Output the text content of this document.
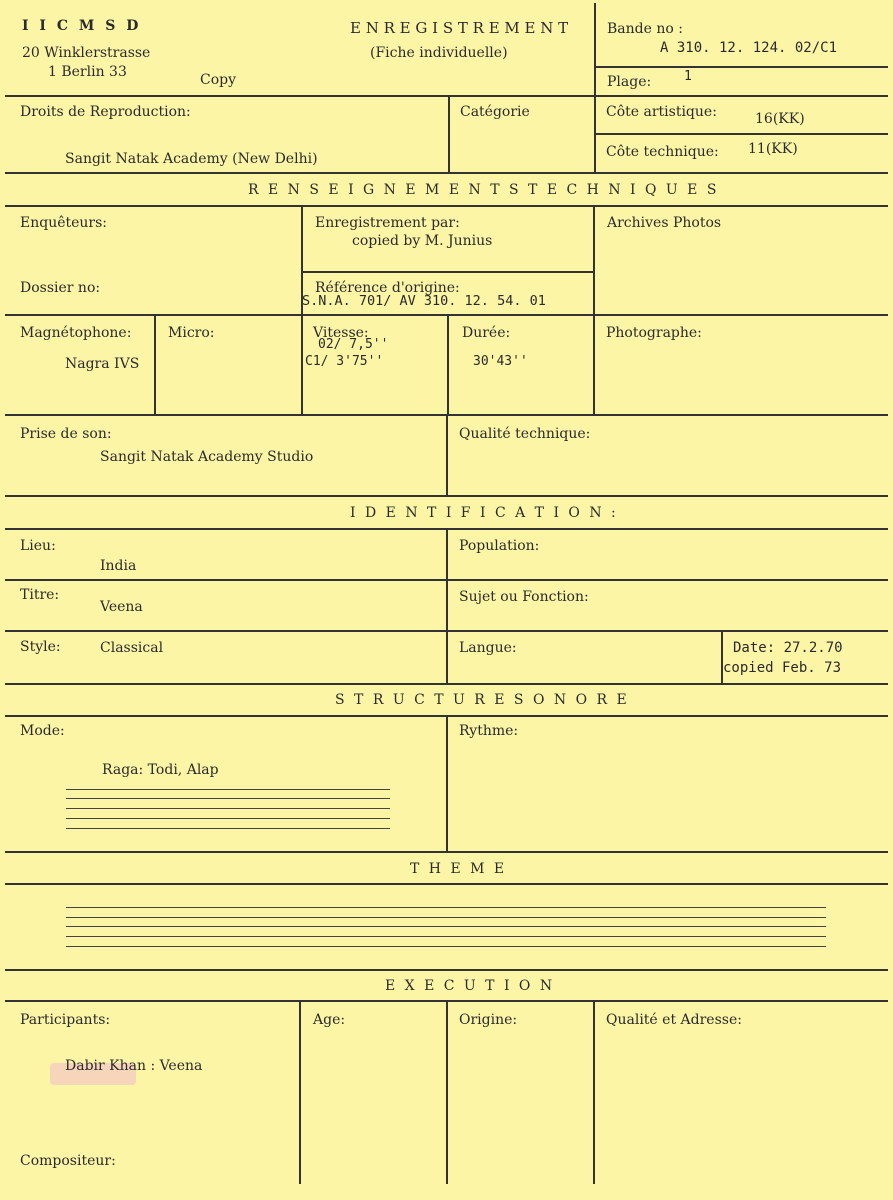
I I C M S D
20 Winklerstrasse
1 Berlin 33	Copy
E N R E G I S T R E M E N T
(Fiche individuelle)
Bande no :
A 310. 12. 124. 02/C1
Plage:	1
Droits de Reproduction:
Sangit Natak Academy (New Delhi)
Catégorie	Côte artistique:	16(KK)
Côte technique: 11(KK)
R E N S E I G N E M E N T S T E C H N I Q U E S
Enquêteurs:	Enregistrement par:
copied by M. Junius
Archives Photos
Dossier no:	Référence d'origine:
S.N.A. 701/ AV 310. 12. 54. 01
Magnétophone:
Nagra IVS
Micro:	Vitesse:
02/ 7,5''
C1/ 3'75''
Durée:
30'43''
Photographe:
Prise de son:
Sangit Natak Academy Studio
Qualité technique:
I D E N T I F I C A T I O N :
Lieu:
India
Population:
Titre:
Veena
Sujet ou Fonction:
Style:	Classical	Langue:	Date: 27.2.70
copied Feb. 73
S T R U C T U R E S O N O R E
Mode:
Raga: Todi, Alap
Rythme:
T H E M E
E X E C U T I O N
Participants:
Dabir Khan : Veena
Age:	Origine:	Qualité et Adresse:
Compositeur:
